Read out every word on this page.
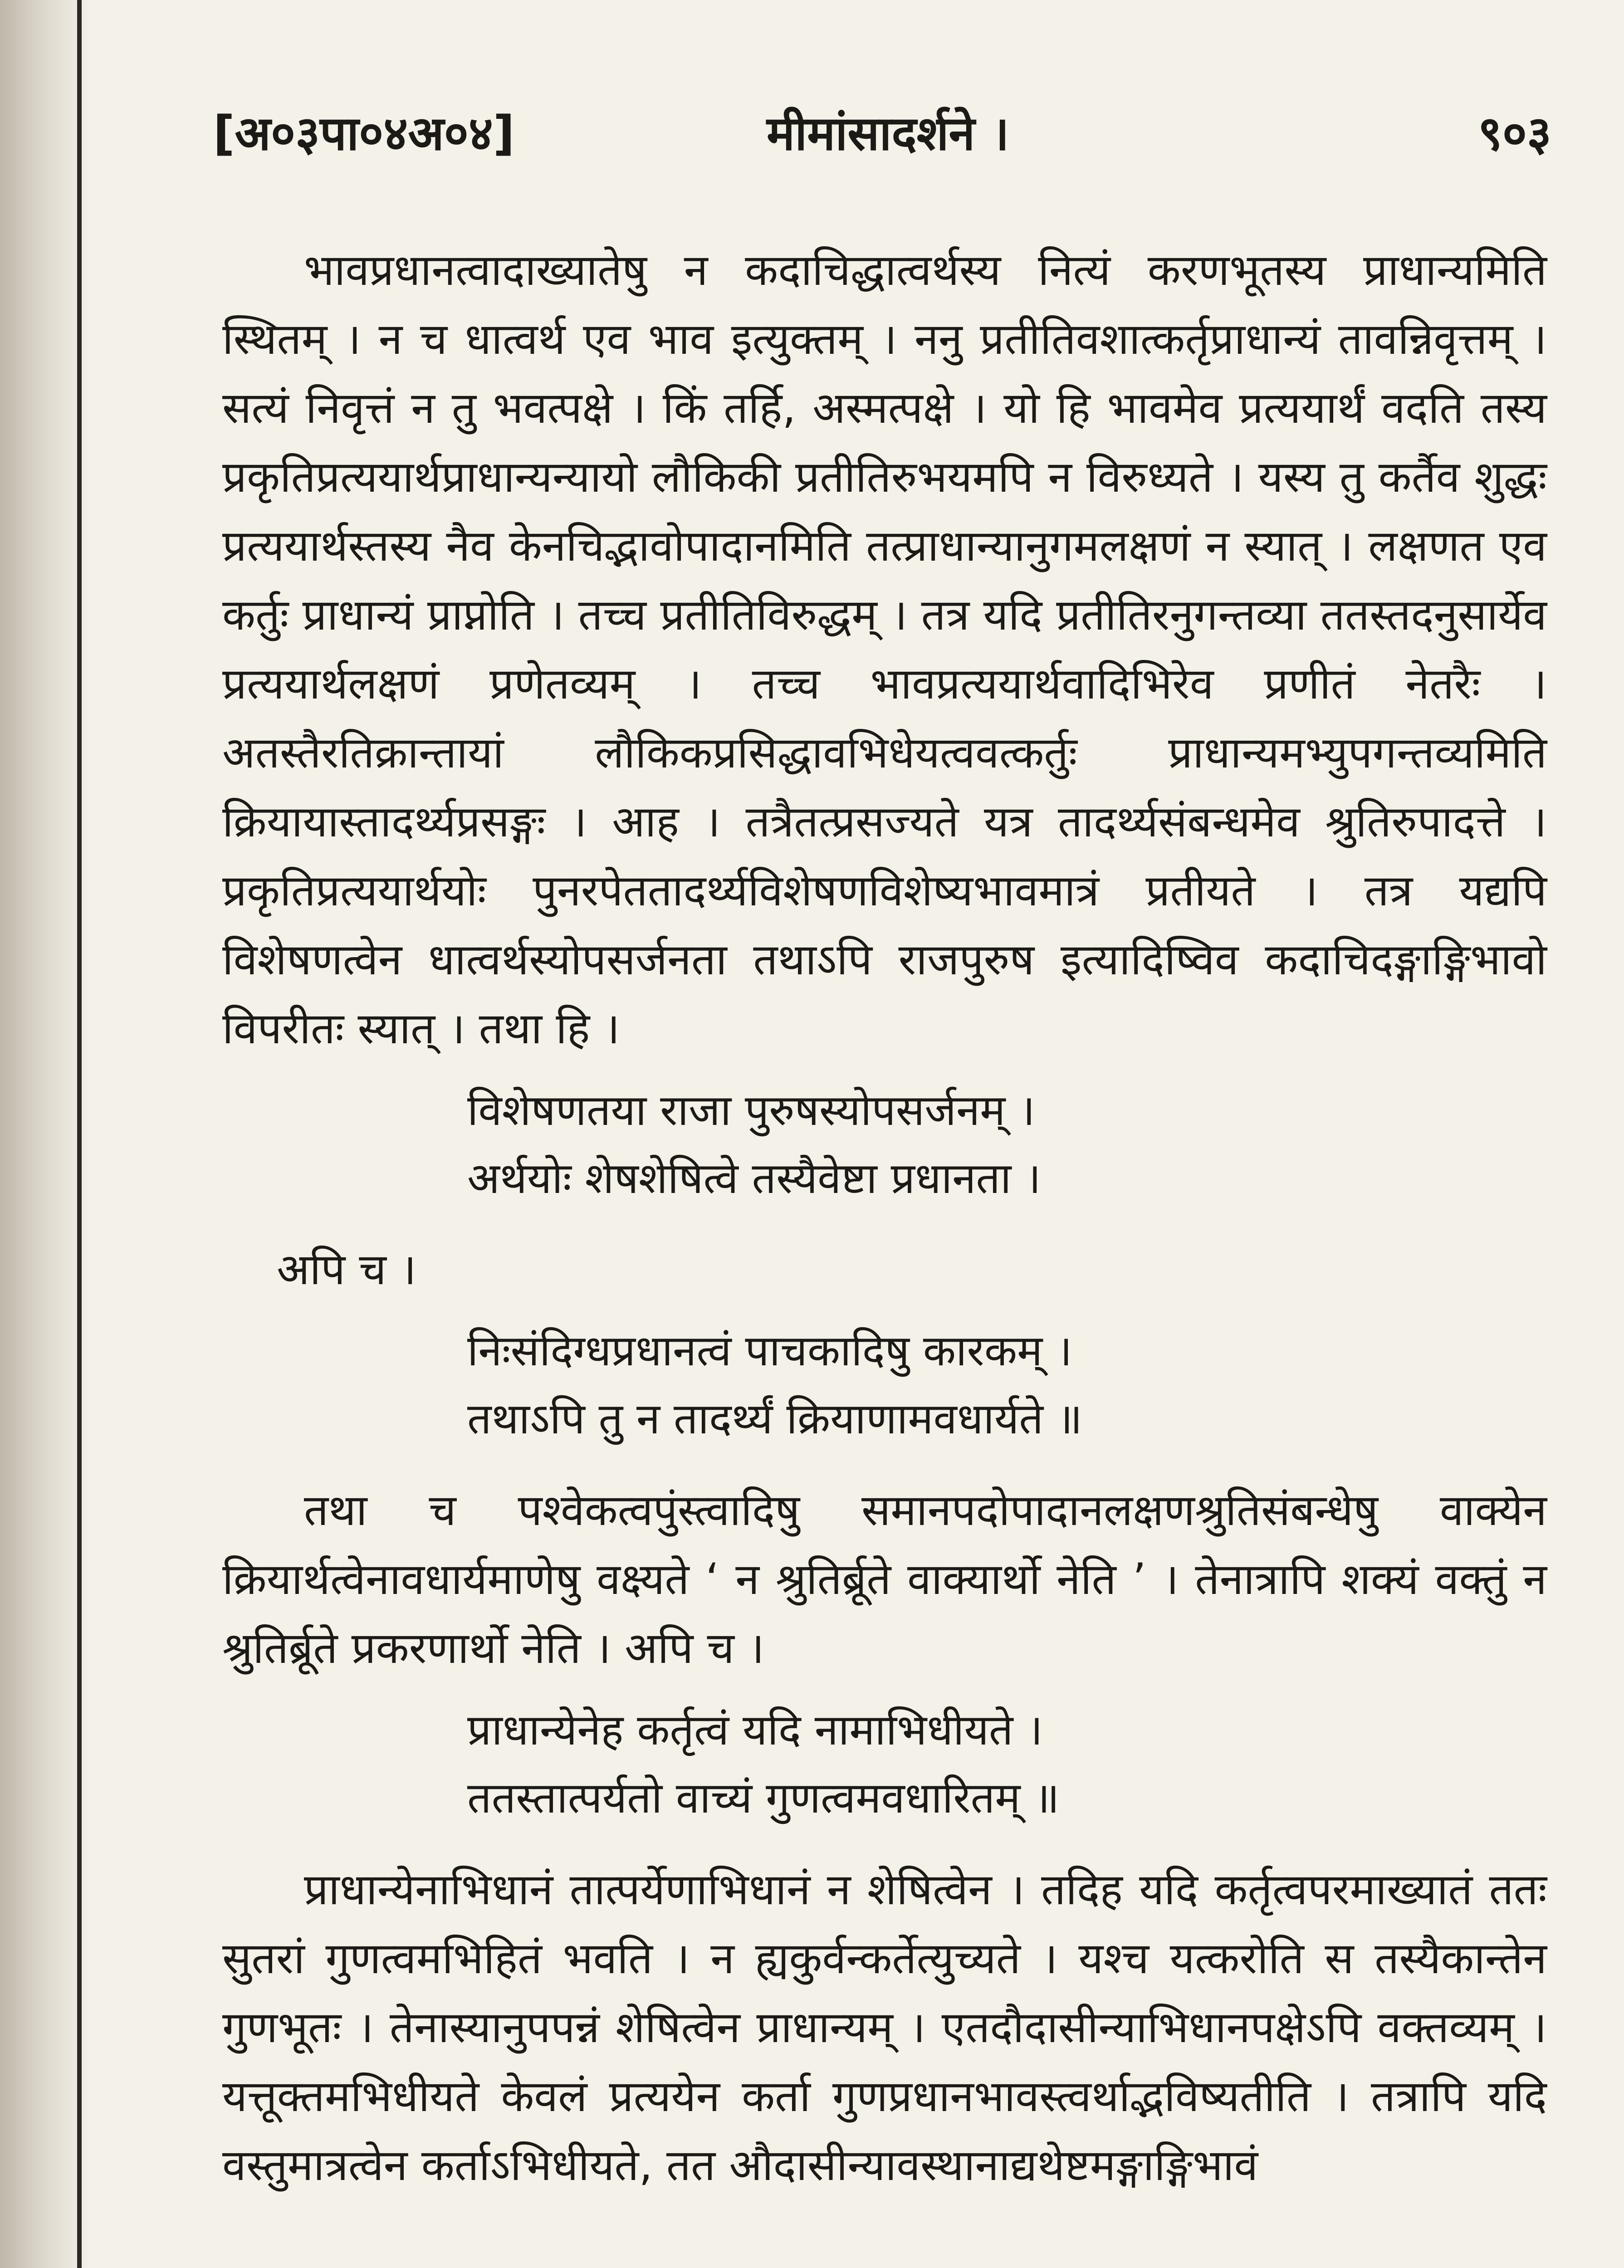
[अ०३पा०४अ०४]	मीमांसादर्शने ।	९०३

भावप्रधानत्वादाख्यातेषु न कदाचिद्धात्वर्थस्य नित्यं करणभूतस्य प्राधान्यमिति स्थितम् । न च धात्वर्थ एव भाव इत्युक्तम् । ननु प्रतीतिवशात्कर्तृप्राधान्यं तावन्निवृत्तम् । सत्यं निवृत्तं न तु भवत्पक्षे । किं तर्हि, अस्मत्पक्षे । यो हि भावमेव प्रत्ययार्थं वदति तस्य प्रकृतिप्रत्ययार्थप्राधान्यन्यायो लौकिकी प्रतीतिरुभयमपि न विरुध्यते । यस्य तु कर्तैव शुद्धः प्रत्ययार्थस्तस्य नैव केनचिद्भावोपादानमिति तत्प्राधान्यानुगमलक्षणं न स्यात् । लक्षणत एव कर्तुः प्राधान्यं प्राप्नोति । तच्च प्रतीतिविरुद्धम् । तत्र यदि प्रतीतिरनुगन्तव्या ततस्तदनुसार्येव प्रत्ययार्थलक्षणं प्रणेतव्यम् । तच्च भावप्रत्ययार्थवादिभिरेव प्रणीतं नेतरैः । अतस्तैरतिक्रान्तायां लौकिकप्रसिद्धावभिधेयत्ववत्कर्तुः प्राधान्यमभ्युपगन्तव्यमिति क्रियायास्तादर्थ्यप्रसङ्गः । आह । तत्रैतत्प्रसज्यते यत्र तादर्थ्यसंबन्धमेव श्रुतिरुपादत्ते । प्रकृतिप्रत्ययार्थयोः पुनरपेततादर्थ्यविशेषणविशेष्यभावमात्रं प्रतीयते । तत्र यद्यपि विशेषणत्वेन धात्वर्थस्योपसर्जनता तथाऽपि राजपुरुष इत्यादिष्विव कदाचिदङ्गाङ्गिभावो विपरीतः स्यात् । तथा हि ।

विशेषणतया राजा पुरुषस्योपसर्जनम् ।
अर्थयोः शेषशेषित्वे तस्यैवेष्टा प्रधानता ।
अपि च ।
निःसंदिग्धप्रधानत्वं पाचकादिषु कारकम् ।
तथाऽपि तु न तादर्थ्यं क्रियाणामवधार्यते ॥

तथा च पश्वेकत्वपुंस्त्वादिषु समानपदोपादानलक्षणश्रुतिसंबन्धेषु वाक्येन क्रियार्थत्वेनावधार्यमाणेषु वक्ष्यते ‘ न श्रुतिर्ब्रूते वाक्यार्थो नेति ’ । तेनात्रापि शक्यं वक्तुं न श्रुतिर्ब्रूते प्रकरणार्थो नेति । अपि च ।

प्राधान्येनेह कर्तृत्वं यदि नामाभिधीयते ।
ततस्तात्पर्यतो वाच्यं गुणत्वमवधारितम् ॥

प्राधान्येनाभिधानं तात्पर्येणाभिधानं न शेषित्वेन । तदिह यदि कर्तृत्वपरमाख्यातं ततः सुतरां गुणत्वमभिहितं भवति । न ह्यकुर्वन्कर्तेत्युच्यते । यश्च यत्करोति स तस्यैकान्तेन गुणभूतः । तेनास्यानुपपन्नं शेषित्वेन प्राधान्यम् । एतदौदासीन्याभिधानपक्षेऽपि वक्तव्यम् । यत्तूक्तमभिधीयते केवलं प्रत्ययेन कर्ता गुणप्रधानभावस्त्वर्थाद्भविष्यतीति । तत्रापि यदि वस्तुमात्रत्वेन कर्ताऽभिधीयते, तत औदासीन्यावस्थानाद्यथेष्टमङ्गाङ्गिभावं
